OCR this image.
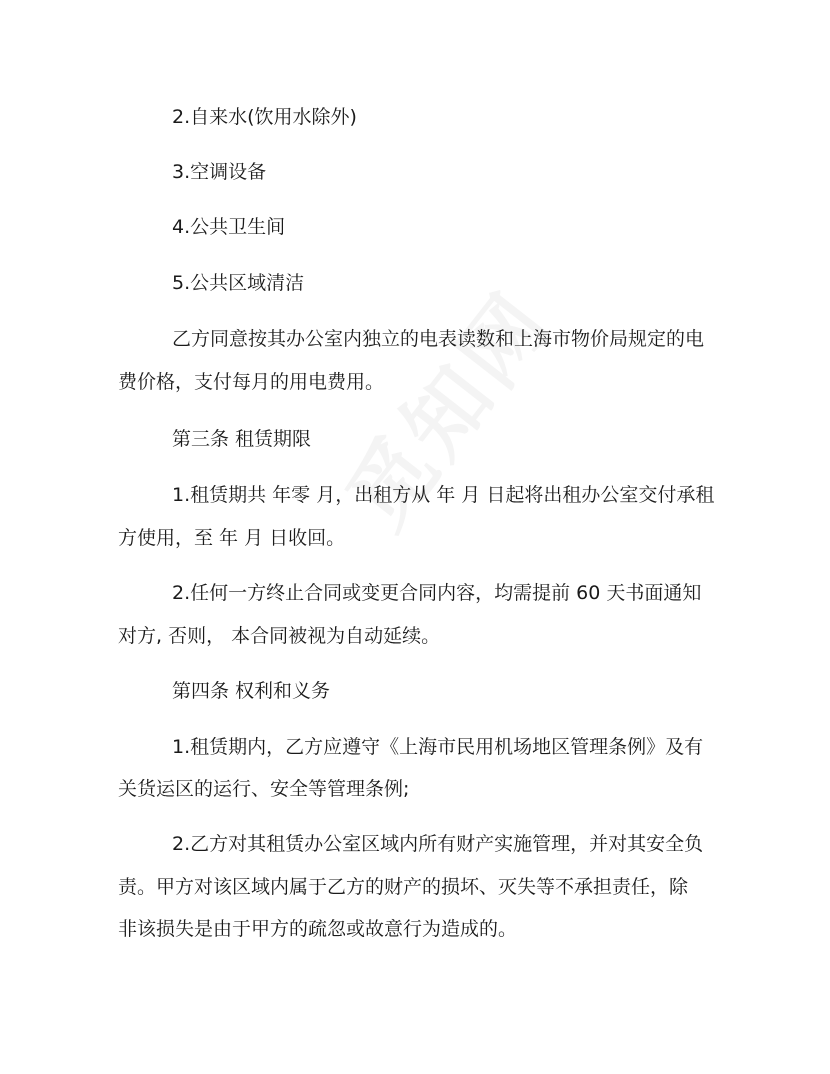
2.自来水(饮用水除外)
3.空调设备
4.公共卫生间
5.公共区域清洁
乙方同意按其办公室内独立的电表读数和上海市物价局规定的电
费价格，支付每月的用电费用。
第三条 租赁期限
1.租赁期共 年零 月，出租方从 年 月 日起将出租办公室交付承租
方使用，至 年 月 日收回。
2.任何一方终止合同或变更合同内容，均需提前 60 天书面通知
对方, 否则， 本合同被视为自动延续。
第四条 权利和义务
1.租赁期内，乙方应遵守《上海市民用机场地区管理条例》及有
关货运区的运行、安全等管理条例;
2.乙方对其租赁办公室区域内所有财产实施管理，并对其安全负
责。甲方对该区域内属于乙方的财产的损坏、灭失等不承担责任，除
非该损失是由于甲方的疏忽或故意行为造成的。
